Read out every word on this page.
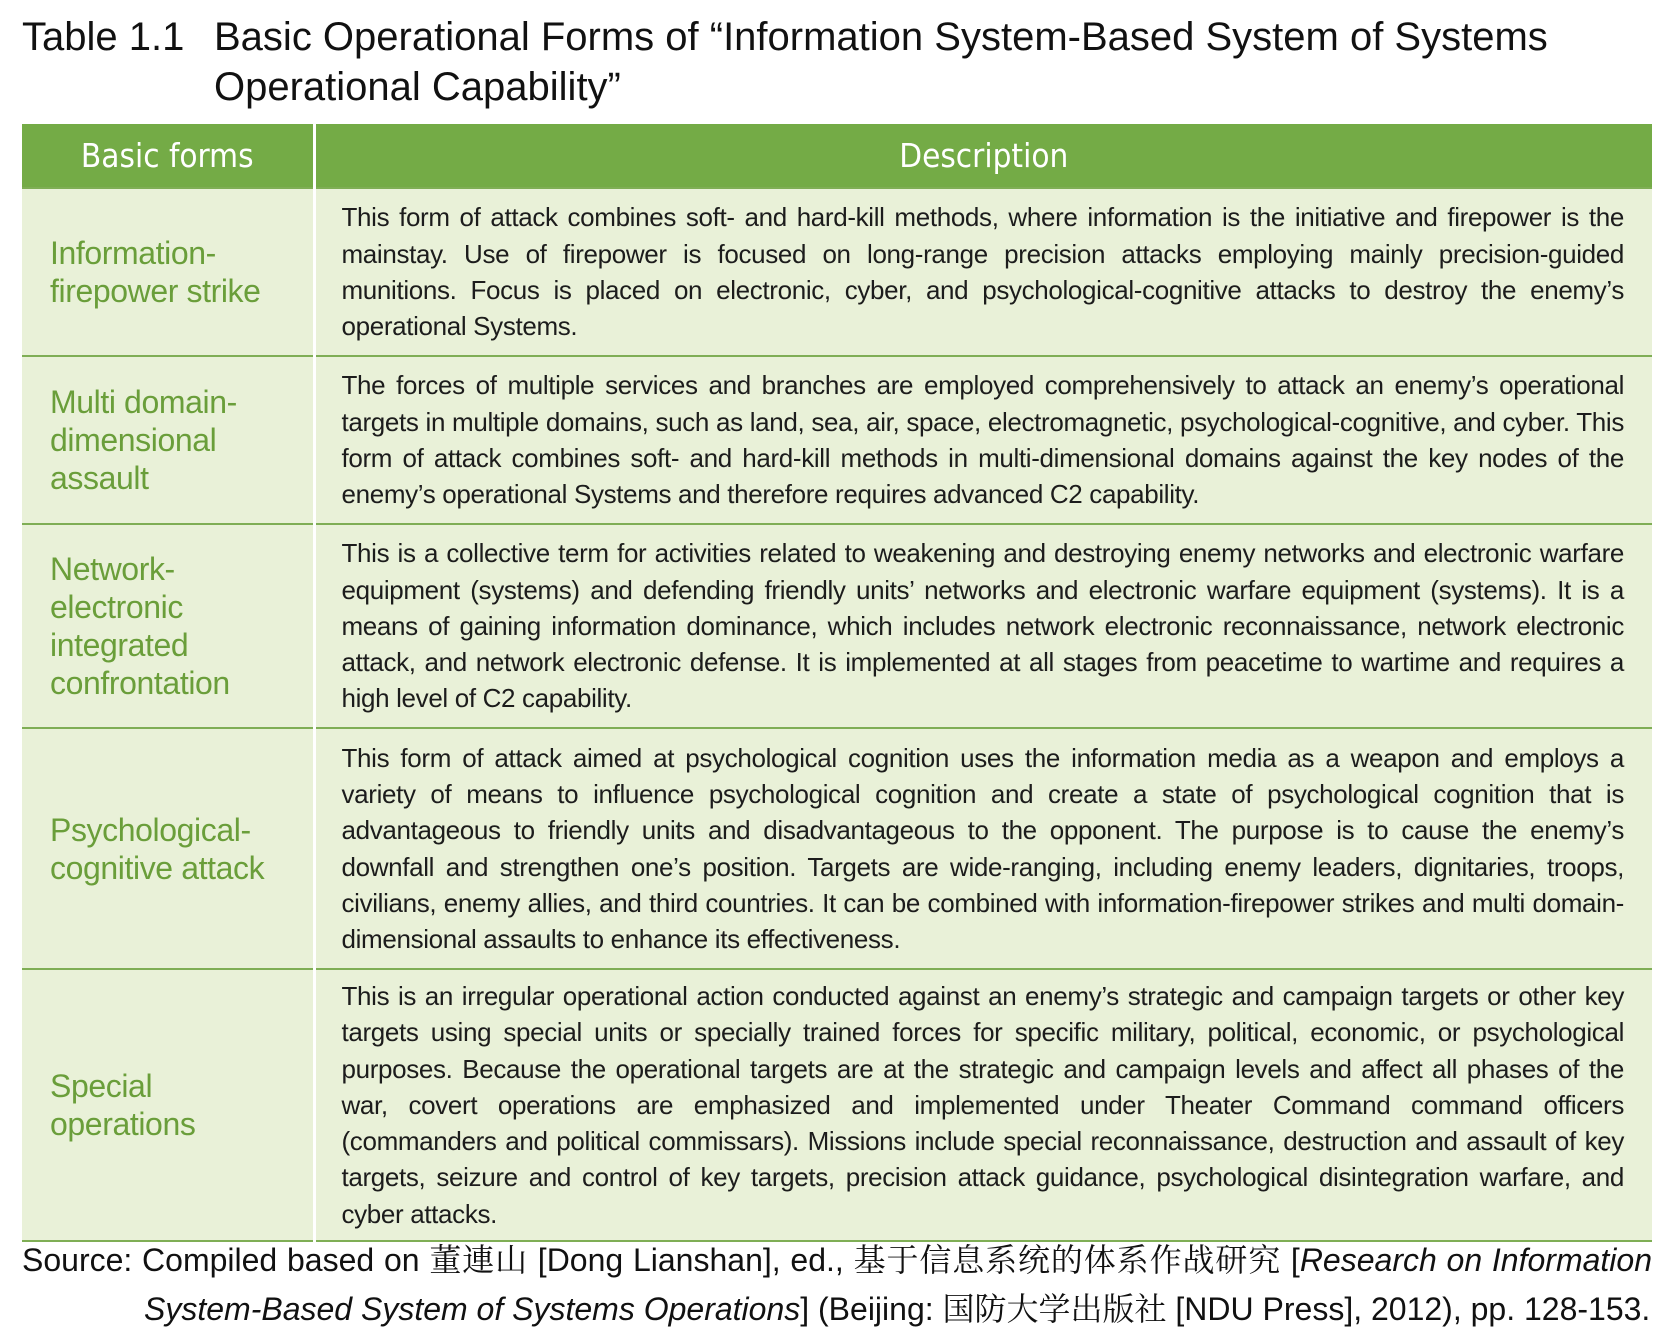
Table 1.1 Basic Operational Forms of “Information System-Based System of Systems Operational Capability”
Basic forms	Description
Information-firepower strike	This form of attack combines soft- and hard-kill methods, where information is the initiative and firepower is the mainstay. Use of firepower is focused on long-range precision attacks employing mainly precision-guided munitions. Focus is placed on electronic, cyber, and psychological-cognitive attacks to destroy the enemy’s operational Systems.
Multi domain-dimensional assault	The forces of multiple services and branches are employed comprehensively to attack an enemy’s operational targets in multiple domains, such as land, sea, air, space, electromagnetic, psychological-cognitive, and cyber. This form of attack combines soft- and hard-kill methods in multi-dimensional domains against the key nodes of the enemy’s operational Systems and therefore requires advanced C2 capability.
Network-electronic integrated confrontation	This is a collective term for activities related to weakening and destroying enemy networks and electronic warfare equipment (systems) and defending friendly units’ networks and electronic warfare equipment (systems). It is a means of gaining information dominance, which includes network electronic reconnaissance, network electronic attack, and network electronic defense. It is implemented at all stages from peacetime to wartime and requires a high level of C2 capability.
Psychological-cognitive attack	This form of attack aimed at psychological cognition uses the information media as a weapon and employs a variety of means to influence psychological cognition and create a state of psychological cognition that is advantageous to friendly units and disadvantageous to the opponent. The purpose is to cause the enemy’s downfall and strengthen one’s position. Targets are wide-ranging, including enemy leaders, dignitaries, troops, civilians, enemy allies, and third countries. It can be combined with information-firepower strikes and multi domain-dimensional assaults to enhance its effectiveness.
Special operations	This is an irregular operational action conducted against an enemy’s strategic and campaign targets or other key targets using special units or specially trained forces for specific military, political, economic, or psychological purposes. Because the operational targets are at the strategic and campaign levels and affect all phases of the war, covert operations are emphasized and implemented under Theater Command command officers (commanders and political commissars). Missions include special reconnaissance, destruction and assault of key targets, seizure and control of key targets, precision attack guidance, psychological disintegration warfare, and cyber attacks.
Source: Compiled based on 董連山 [Dong Lianshan], ed., 基于信息系统的体系作战研究 [Research on Information System-Based System of Systems Operations] (Beijing: 国防大学出版社 [NDU Press], 2012), pp. 128-153.
